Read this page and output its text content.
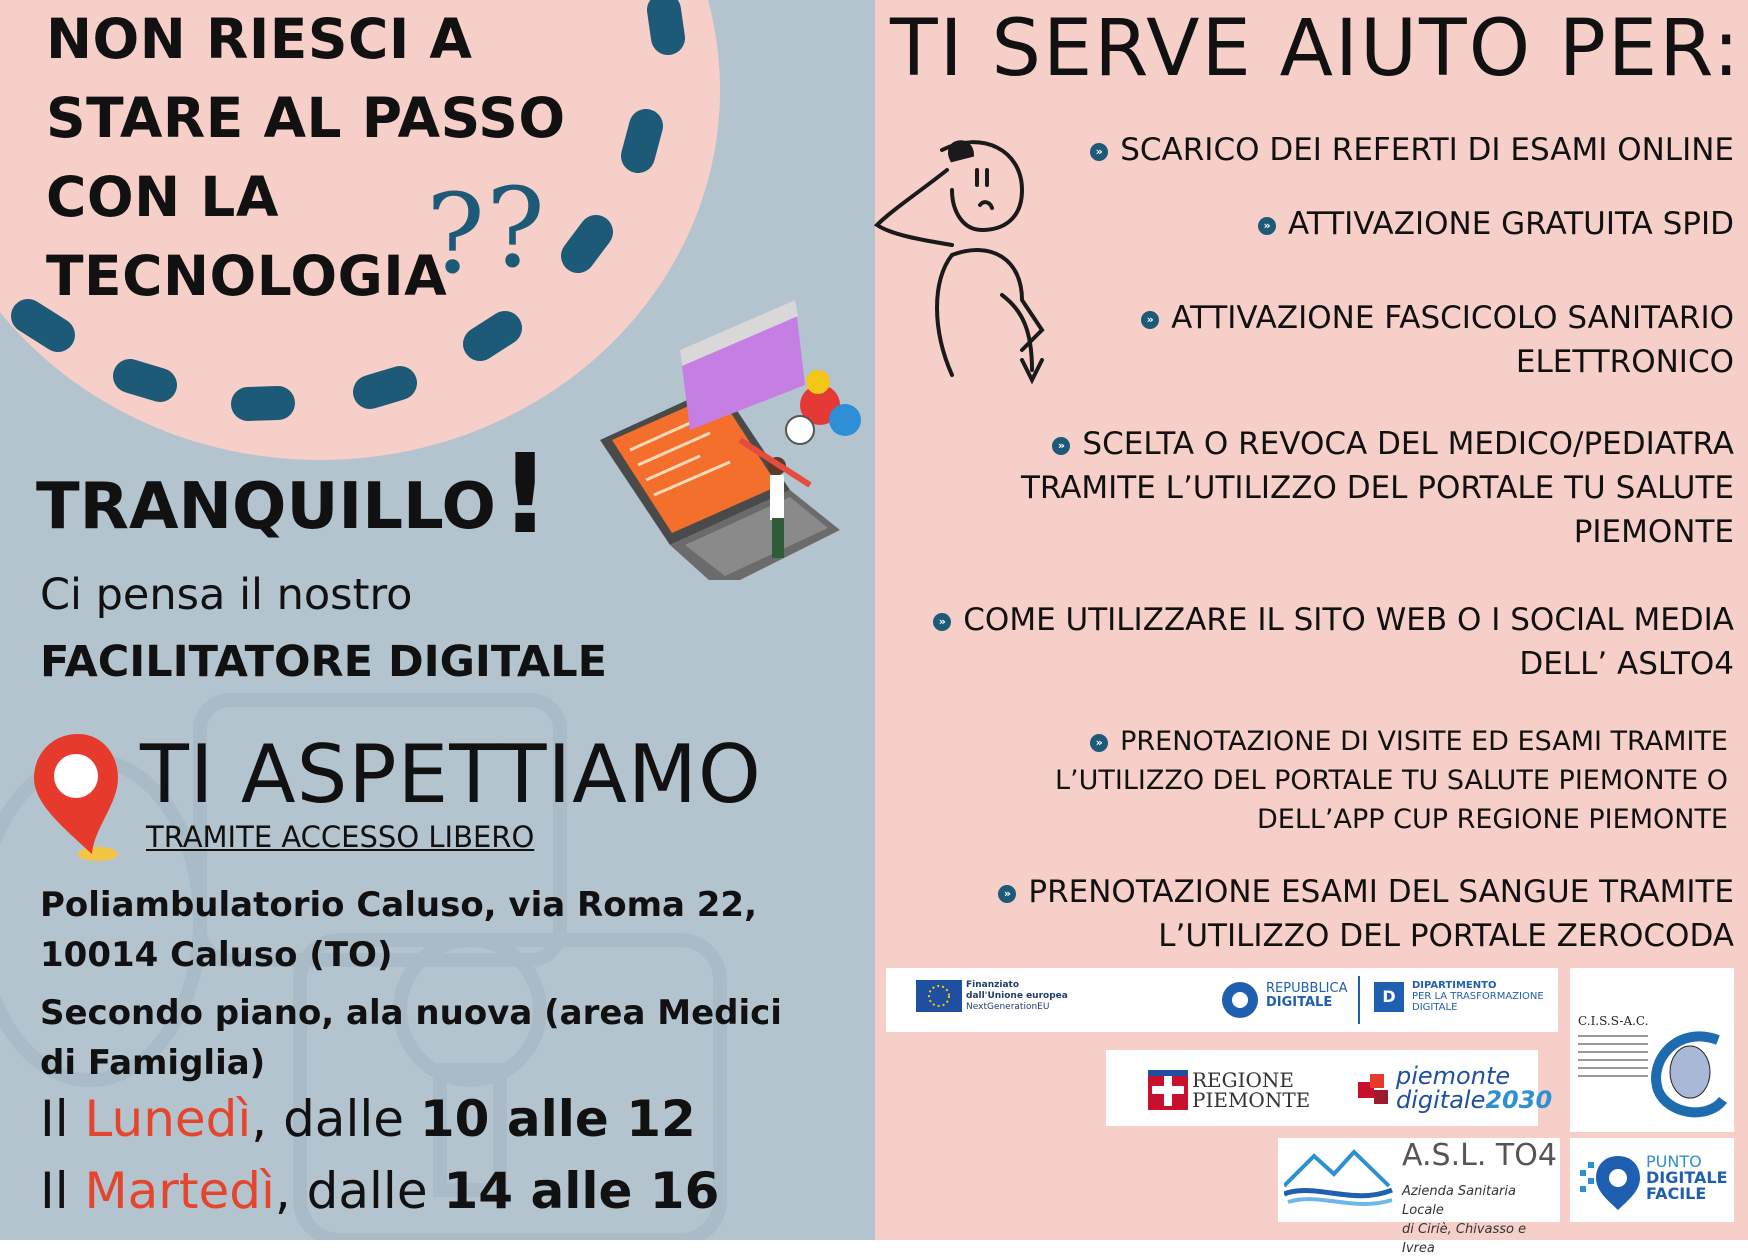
NON RIESCI A
STARE AL PASSO
CON LA
TECNOLOGIA
? ?
TRANQUILLO !
Ci pensa il nostro
FACILITATORE DIGITALE
TI ASPETTIAMO
TRAMITE ACCESSO LIBERO
Poliambulatorio Caluso, via Roma 22,
10014 Caluso (TO)
Secondo piano, ala nuova (area Medici
di Famiglia)
Il Lunedì, dalle 10 alle 12
Il Martedì, dalle 14 alle 16
TI SERVE AIUTO PER:
» SCARICO DEI REFERTI DI ESAMI ONLINE
» ATTIVAZIONE GRATUITA SPID
» ATTIVAZIONE FASCICOLO SANITARIO
ELETTRONICO
» SCELTA O REVOCA DEL MEDICO/PEDIATRA
TRAMITE L’UTILIZZO DEL PORTALE TU SALUTE
PIEMONTE
» COME UTILIZZARE IL SITO WEB O I SOCIAL MEDIA
DELL’ ASLTO4
» PRENOTAZIONE DI VISITE ED ESAMI TRAMITE
L’UTILIZZO DEL PORTALE TU SALUTE PIEMONTE O
DELL’APP CUP REGIONE PIEMONTE
» PRENOTAZIONE ESAMI DEL SANGUE TRAMITE
L’UTILIZZO DEL PORTALE ZEROCODA
Finanziato
dall'Unione europea
NextGenerationEU
REPUBBLICA
DIGITALE	D
DIPARTIMENTO
PER LA TRASFORMAZIONE
DIGITALE
C.I.S.S-A.C.
REGIONE
PIEMONTE
piemonte
digitale2030
A.S.L. TO4
Azienda Sanitaria Locale
di Ciriè, Chivasso e Ivrea
PUNTO
DIGITALE
FACILE
